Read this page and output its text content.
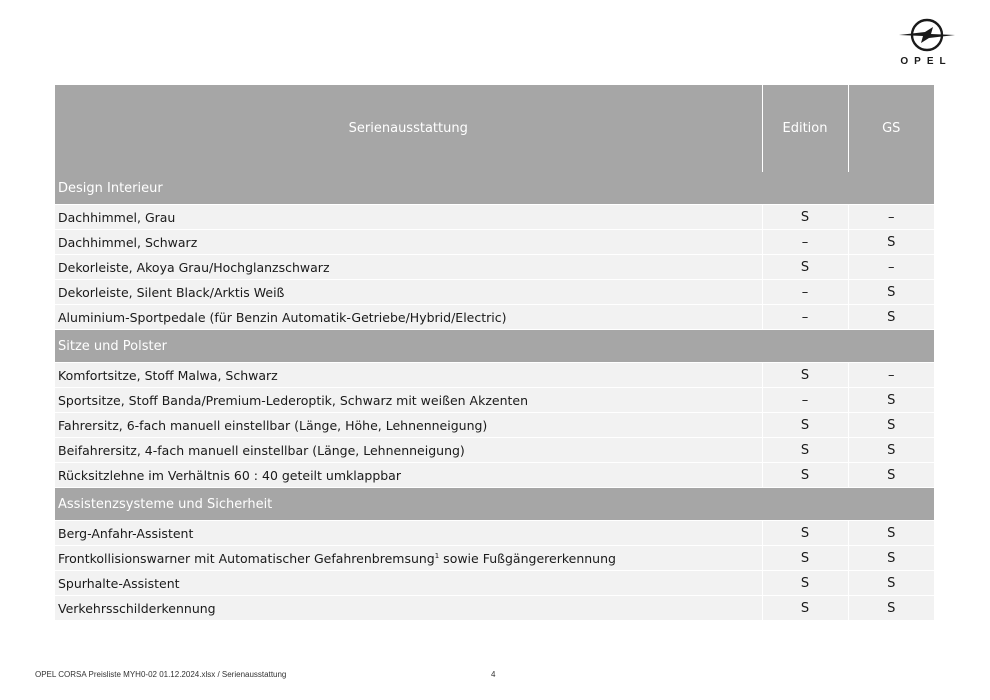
OPEL
Serienausstattung	Edition	GS
Design Interieur		
Dachhimmel, Grau	S	–
Dachhimmel, Schwarz	–	S
Dekorleiste, Akoya Grau/Hochglanzschwarz	S	–
Dekorleiste, Silent Black/Arktis Weiß	–	S
Aluminium-Sportpedale (für Benzin Automatik-Getriebe/Hybrid/Electric)	–	S
Sitze und Polster		
Komfortsitze, Stoff Malwa, Schwarz	S	–
Sportsitze, Stoff Banda/Premium-Lederoptik, Schwarz mit weißen Akzenten	–	S
Fahrersitz, 6-fach manuell einstellbar (Länge, Höhe, Lehnenneigung)	S	S
Beifahrersitz, 4-fach manuell einstellbar (Länge, Lehnenneigung)	S	S
Rücksitzlehne im Verhältnis 60 : 40 geteilt umklappbar	S	S
Assistenzsysteme und Sicherheit		
Berg-Anfahr-Assistent	S	S
Frontkollisionswarner mit Automatischer Gefahrenbremsung$^1$ sowie Fußgängererkennung	S	S
Spurhalte-Assistent	S	S
Verkehrsschilderkennung	S	S
OPEL CORSA Preisliste MYH0-02 01.12.2024.xlsx / Serienausstattung	4
